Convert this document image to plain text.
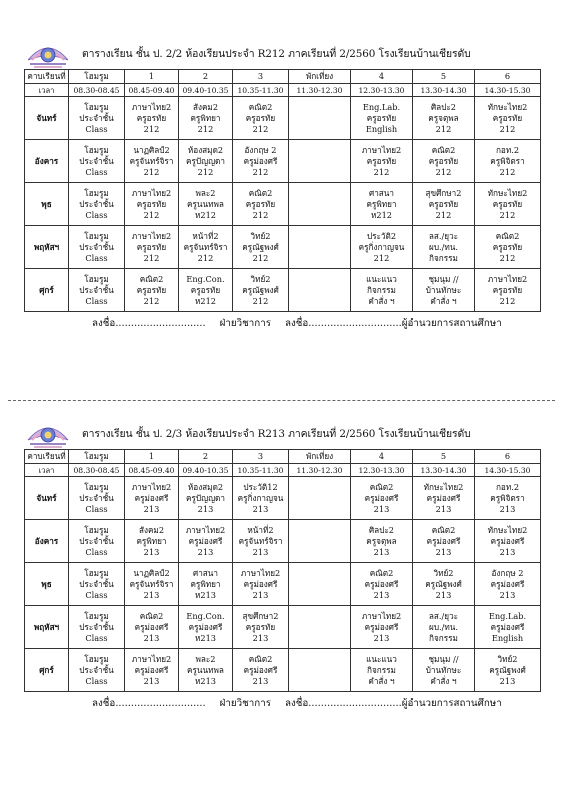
ตารางเรียน ชั้น ป. 2/2 ห้องเรียนประจำ R212 ภาคเรียนที่ 2/2560 โรงเรียนบ้านเชียรดับ
คาบเรียนที่	โฮมรูม	1	2	3	พักเที่ยง	4	5	6
เวลา	08.30-08.45	08.45-09.40	09.40-10.35	10.35-11.30	11.30-12.30	12.30-13.30	13.30-14.30	14.30-15.30
จันทร์	โฮมรูม
ประจำชั้น
Class	ภาษาไทย2
ครูอรทัย
212	สังคม2
ครูพิทยา
212	คณิต2
ครูอรทัย
212		Eng.Lab.
ครูอรทัย
English	ศิลปะ2
ครูจตุพล
212	ทักษะไทย2
ครูอรทัย
212

อังคาร	โฮมรูม
ประจำชั้น
Class	นาฏศิลป์2
ครูจันทร์จิรา
212	ห้องสมุด2
ครูปัญญดา
212	อังกฤษ 2
ครูม่องศรี
212		ภาษาไทย2
ครูอรทัย
212	คณิต2
ครูอรทัย
212	กอท.2
ครูพิจิตรา
212

พุธ	โฮมรูม
ประจำชั้น
Class	ภาษาไทย2
ครูอรทัย
212	พละ2
ครูนนทพล
ห212	คณิต2
ครูอรทัย
212		ศาสนา
ครูพิทยา
ห212	สุขศึกษา2
ครูอรทัย
212	ทักษะไทย2
ครูอรทัย
212

พฤหัสฯ	โฮมรูม
ประจำชั้น
Class	ภาษาไทย2
ครูอรทัย
212	หน้าที่2
ครูจันทร์จิรา
212	วิทย์2
ครูณัฐพงศ์
212		ประวัติ2
ครูกิ่งกาญจน
212	ลส./ยุวะ
ผบ./ทน.
กิจกรรม	คณิต2
ครูอรทัย
212

ศุกร์	โฮมรูม
ประจำชั้น
Class	คณิต2
ครูอรทัย
212	Eng.Con.
ครูอรทัย
ห212	วิทย์2
ครูณัฐพงศ์
212		แนะแนว
กิจกรรม
คำสั่ง ฯ	ชุมนุม //
บ้านทักษะ
คำสั่ง ฯ	ภาษาไทย2
ครูอรทัย
212
ลงชื่อ............................. ฝ่ายวิชาการ ลงชื่อ..............................ผู้อำนวยการสถานศึกษา
ตารางเรียน ชั้น ป. 2/3 ห้องเรียนประจำ R213 ภาคเรียนที่ 2/2560 โรงเรียนบ้านเชียรดับ
คาบเรียนที่	โฮมรูม	1	2	3	พักเที่ยง	4	5	6
เวลา	08.30-08.45	08.45-09.40	09.40-10.35	10.35-11.30	11.30-12.30	12.30-13.30	13.30-14.30	14.30-15.30
จันทร์	โฮมรูม
ประจำชั้น
Class	ภาษาไทย2
ครูม่องศรี
213	ห้องสมุด2
ครูปัญญดา
213	ประวัติ12
ครูกิ่งกาญจน
213		คณิต2
ครูม่องศรี
213	ทักษะไทย2
ครูม่องศรี
213	กอท.2
ครูพิจิตรา
213

อังคาร	โฮมรูม
ประจำชั้น
Class	สังคม2
ครูพิทยา
213	ภาษาไทย2
ครูม่องศรี
213	หน้าที่2
ครูจันทร์จิรา
213		ศิลปะ2
ครูจตุพล
213	คณิต2
ครูม่องศรี
213	ทักษะไทย2
ครูม่องศรี
213

พุธ	โฮมรูม
ประจำชั้น
Class	นาฏศิลป์2
ครูจันทร์จิรา
213	ศาสนา
ครูพิทยา
ห213	ภาษาไทย2
ครูม่องศรี
213		คณิต2
ครูม่องศรี
213	วิทย์2
ครูณัฐพงศ์
213	อังกฤษ 2
ครูม่องศรี
213

พฤหัสฯ	โฮมรูม
ประจำชั้น
Class	คณิต2
ครูม่องศรี
213	Eng.Con.
ครูม่องศรี
ห213	สุขศึกษา2
ครูอรทัย
213		ภาษาไทย2
ครูม่องศรี
213	ลส./ยุวะ
ผบ./ทน.
กิจกรรม	Eng.Lab.
ครูม่องศรี
English

ศุกร์	โฮมรูม
ประจำชั้น
Class	ภาษาไทย2
ครูม่องศรี
213	พละ2
ครูนนทพล
ห213	คณิต2
ครูม่องศรี
213		แนะแนว
กิจกรรม
คำสั่ง ฯ	ชุมนุม //
บ้านทักษะ
คำสั่ง ฯ	วิทย์2
ครูณัฐพงศ์
213
ลงชื่อ............................. ฝ่ายวิชาการ ลงชื่อ..............................ผู้อำนวยการสถานศึกษา
